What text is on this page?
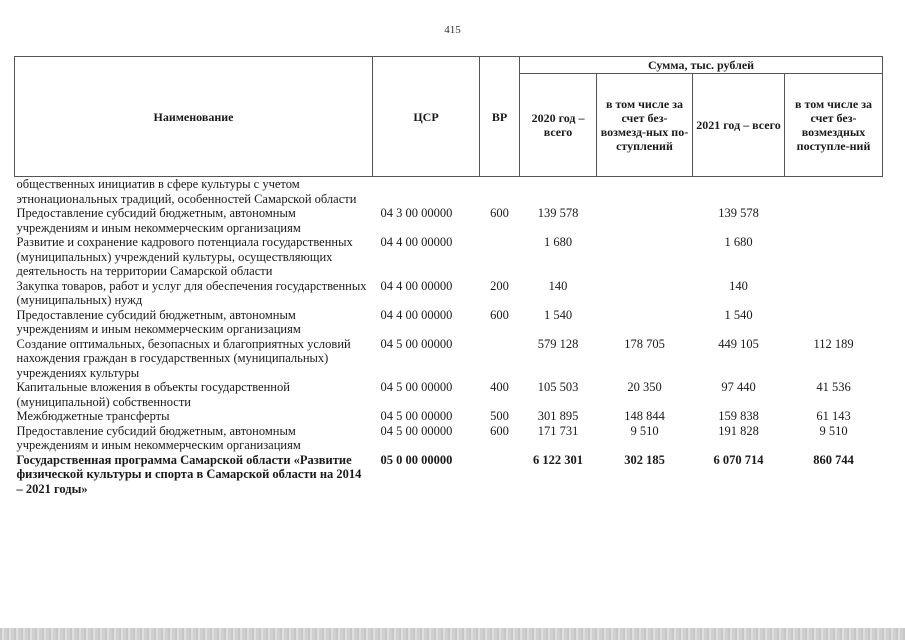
415
Наименование	ЦСР	ВР	Сумма, тыс. рублей			
			2020 год – всего	в том числе за счет без-возмезд-ных по-ступлений	2021 год – всего	в том числе за счет без-возмездных поступле-ний
общественных инициатив в сфере культуры с учетом этнонациональных традиций, особенностей Самарской области						
Предоставление субсидий бюджетным, автономным учреждениям и иным некоммерческим организациям	04 3 00 00000	600	139 578		139 578	
Развитие и сохранение кадрового потенциала государственных (муниципальных) учреждений культуры, осуществляющих деятельность на территории Самарской области	04 4 00 00000		1 680		1 680	
Закупка товаров, работ и услуг для обеспечения государственных (муниципальных) нужд	04 4 00 00000	200	140		140	
Предоставление субсидий бюджетным, автономным учреждениям и иным некоммерческим организациям	04 4 00 00000	600	1 540		1 540	
Создание оптимальных, безопасных и благоприятных условий нахождения граждан в государственных (муниципальных) учреждениях культуры	04 5 00 00000		579 128	178 705	449 105	112 189
Капитальные вложения в объекты государственной (муниципальной) собственности	04 5 00 00000	400	105 503	20 350	97 440	41 536
Межбюджетные трансферты	04 5 00 00000	500	301 895	148 844	159 838	61 143
Предоставление субсидий бюджетным, автономным учреждениям и иным некоммерческим организациям	04 5 00 00000	600	171 731	9 510	191 828	9 510
Государственная программа Самарской области «Развитие физической культуры и спорта в Самарской области на 2014 – 2021 годы»	05 0 00 00000		6 122 301	302 185	6 070 714	860 744
